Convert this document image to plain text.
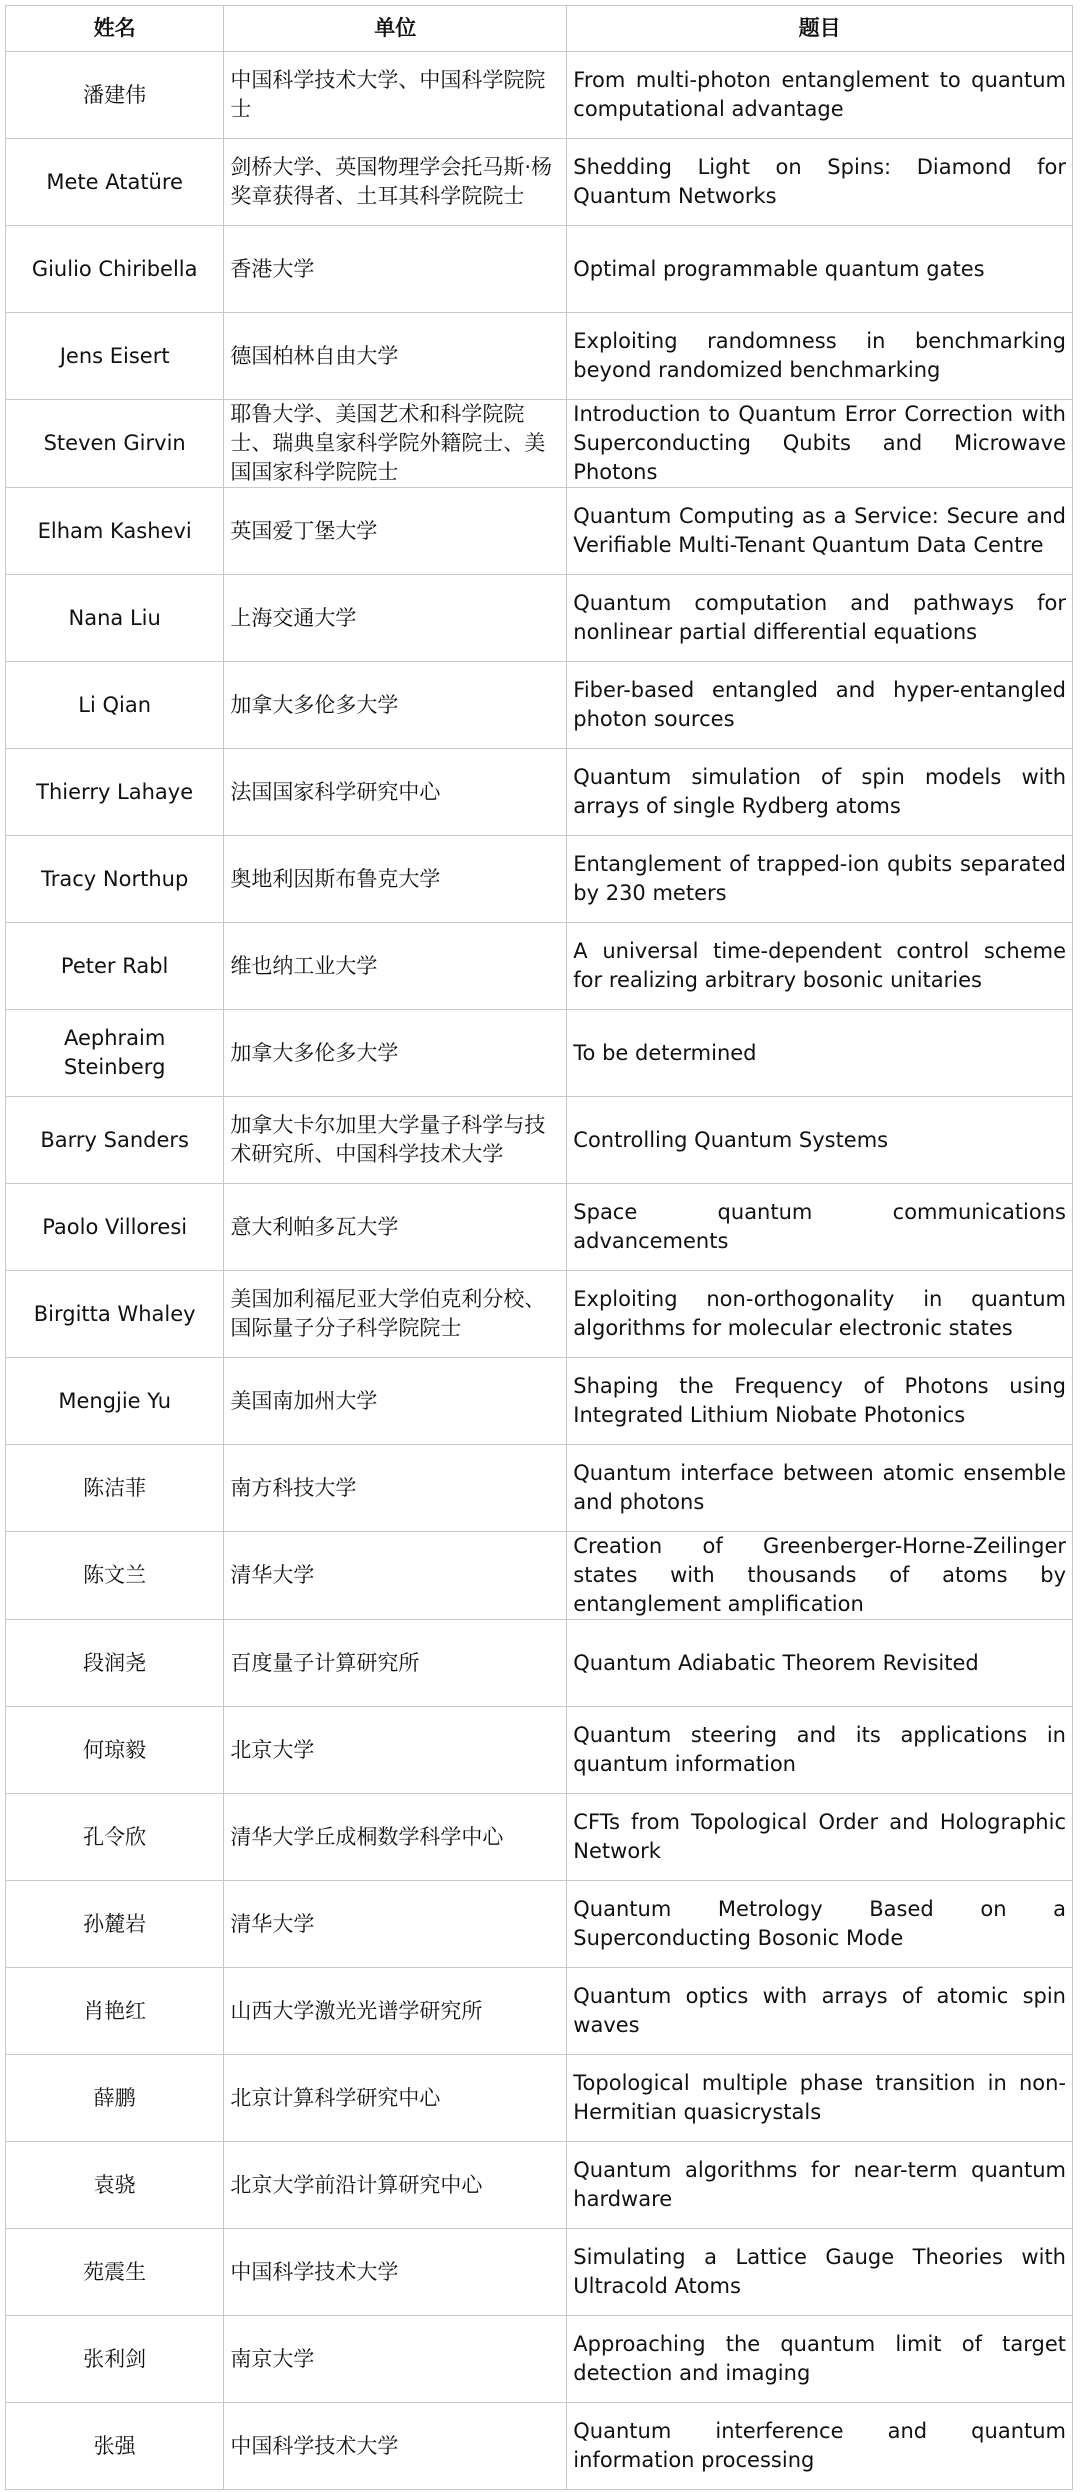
姓名	单位	题目
潘建伟	中国科学技术大学、中国科学院院士	From multi-photon entanglement to quantum computational advantage
Mete Atatüre	剑桥大学、英国物理学会托马斯·杨奖章获得者、土耳其科学院院士	Shedding Light on Spins: Diamond for Quantum Networks
Giulio Chiribella	香港大学	Optimal programmable quantum gates
Jens Eisert	德国柏林自由大学	Exploiting randomness in benchmarking beyond randomized benchmarking
Steven Girvin	耶鲁大学、美国艺术和科学院院士、瑞典皇家科学院外籍院士、美国国家科学院院士	Introduction to Quantum Error Correction with Superconducting Qubits and Microwave Photons
Elham Kashevi	英国爱丁堡大学	Quantum Computing as a Service: Secure and Verifiable Multi-Tenant Quantum Data Centre
Nana Liu	上海交通大学	Quantum computation and pathways for nonlinear partial differential equations
Li Qian	加拿大多伦多大学	Fiber-based entangled and hyper-entangled photon sources
Thierry Lahaye	法国国家科学研究中心	Quantum simulation of spin models with arrays of single Rydberg atoms
Tracy Northup	奥地利因斯布鲁克大学	Entanglement of trapped-ion qubits separated by 230 meters
Peter Rabl	维也纳工业大学	A universal time-dependent control scheme for realizing arbitrary bosonic unitaries
Aephraim Steinberg	加拿大多伦多大学	To be determined
Barry Sanders	加拿大卡尔加里大学量子科学与技术研究所、中国科学技术大学	Controlling Quantum Systems
Paolo Villoresi	意大利帕多瓦大学	Space quantum communications advancements
Birgitta Whaley	美国加利福尼亚大学伯克利分校、国际量子分子科学院院士	Exploiting non-orthogonality in quantum algorithms for molecular electronic states
Mengjie Yu	美国南加州大学	Shaping the Frequency of Photons using Integrated Lithium Niobate Photonics
陈洁菲	南方科技大学	Quantum interface between atomic ensemble and photons
陈文兰	清华大学	Creation of Greenberger-Horne-Zeilinger states with thousands of atoms by entanglement amplification
段润尧	百度量子计算研究所	Quantum Adiabatic Theorem Revisited
何琼毅	北京大学	Quantum steering and its applications in quantum information
孔令欣	清华大学丘成桐数学科学中心	CFTs from Topological Order and Holographic Network
孙麓岩	清华大学	Quantum Metrology Based on a Superconducting Bosonic Mode
肖艳红	山西大学激光光谱学研究所	Quantum optics with arrays of atomic spin waves
薛鹏	北京计算科学研究中心	Topological multiple phase transition in non-Hermitian quasicrystals
袁骁	北京大学前沿计算研究中心	Quantum algorithms for near-term quantum hardware
苑震生	中国科学技术大学	Simulating a Lattice Gauge Theories with Ultracold Atoms
张利剑	南京大学	Approaching the quantum limit of target detection and imaging
张强	中国科学技术大学	Quantum interference and quantum information processing
